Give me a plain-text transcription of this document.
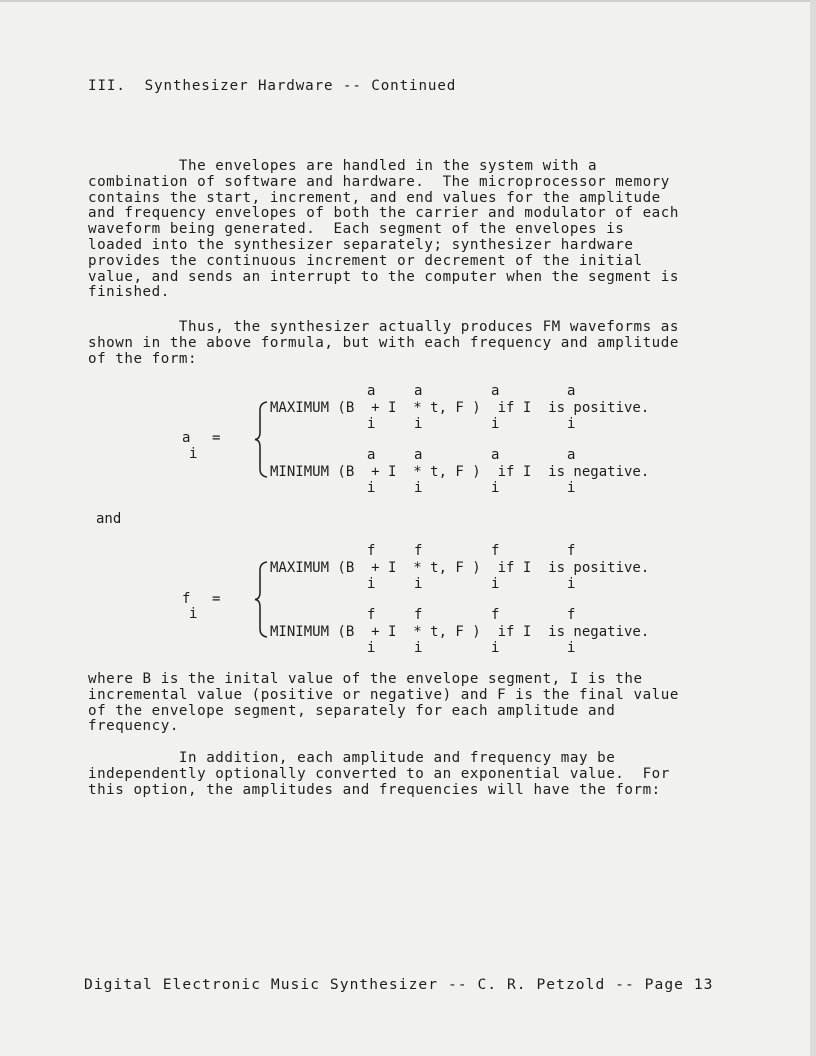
III.  Synthesizer Hardware -- Continued
The envelopes are handled in the system with a
combination of software and hardware.  The microprocessor memory
contains the start, increment, and end values for the amplitude
and frequency envelopes of both the carrier and modulator of each
waveform being generated.  Each segment of the envelopes is
loaded into the synthesizer separately; synthesizer hardware
provides the continuous increment or decrement of the initial
value, and sends an interrupt to the computer when the segment is
finished.
Thus, the synthesizer actually produces FM waveforms as
shown in the above formula, but with each frequency and amplitude
of the form:
a =
i
a	a	a	a
MAXIMUM (B  + I  * t, F )  if I  is positive.
i	i	i	i
a	a	a	a
MINIMUM (B  + I  * t, F )  if I  is negative.
i	i	i	i
and
f =
i
f	f	f	f
MAXIMUM (B  + I  * t, F )  if I  is positive.
i	i	i	i
f	f	f	f
MINIMUM (B  + I  * t, F )  if I  is negative.
i	i	i	i
where B is the inital value of the envelope segment, I is the
incremental value (positive or negative) and F is the final value
of the envelope segment, separately for each amplitude and
frequency.
In addition, each amplitude and frequency may be
independently optionally converted to an exponential value.  For
this option, the amplitudes and frequencies will have the form:
Digital Electronic Music Synthesizer -- C. R. Petzold -- Page 13
